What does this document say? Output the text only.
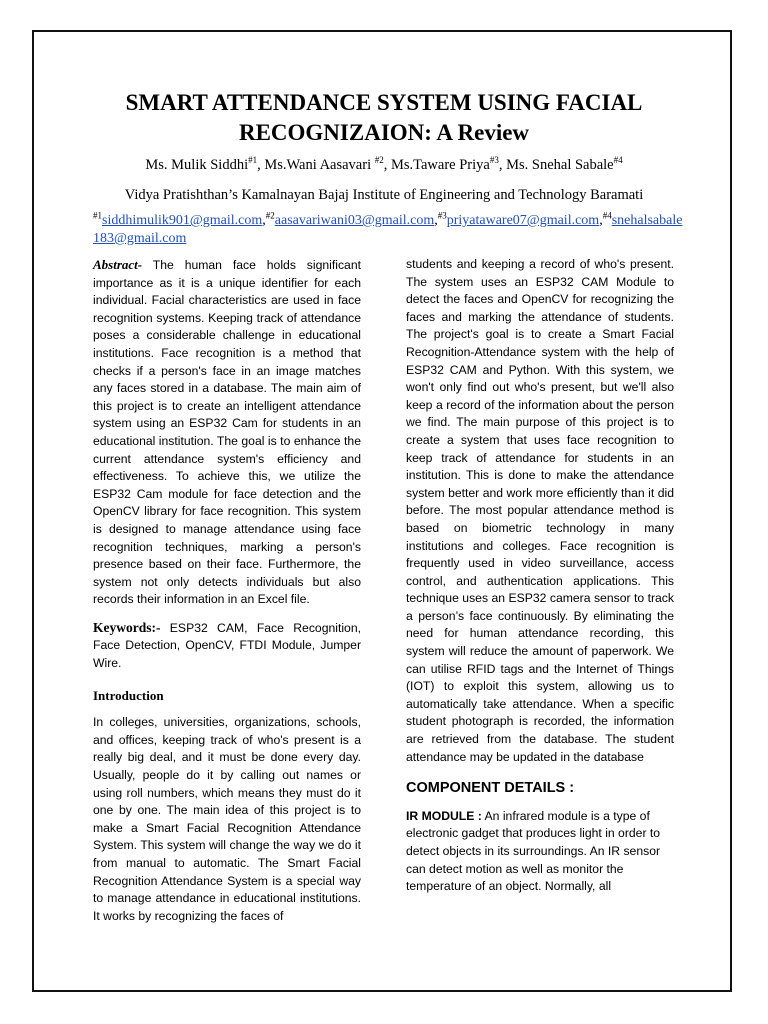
SMART ATTENDANCE SYSTEM USING FACIAL
RECOGNIZAION: A Review
Ms. Mulik Siddhi$^{\#1}$, Ms.Wani Aasavari $^{\#2}$, Ms.Taware Priya$^{\#3}$, Ms. Snehal Sabale$^{\#4}$
Vidya Pratishthan’s Kamalnayan Bajaj Institute of Engineering and Technology Baramati
$^{\#1}$siddhimulik901@gmail.com,$^{\#2}$aasavariwani03@gmail.com,$^{\#3}$priyataware07@gmail.com,$^{\#4}$snehalsabale183@gmail.com

Abstract- The human face holds significant importance as it is a unique identifier for each individual. Facial characteristics are used in face recognition systems. Keeping track of attendance poses a considerable challenge in educational institutions. Face recognition is a method that checks if a person's face in an image matches any faces stored in a database. The main aim of this project is to create an intelligent attendance system using an ESP32 Cam for students in an educational institution. The goal is to enhance the current attendance system's efficiency and effectiveness. To achieve this, we utilize the ESP32 Cam module for face detection and the OpenCV library for face recognition. This system is designed to manage attendance using face recognition techniques, marking a person's presence based on their face. Furthermore, the system not only detects individuals but also records their information in an Excel file.

Keywords:- ESP32 CAM, Face Recognition, Face Detection, OpenCV, FTDI Module, Jumper Wire.

Introduction

In colleges, universities, organizations, schools, and offices, keeping track of who's present is a really big deal, and it must be done every day. Usually, people do it by calling out names or using roll numbers, which means they must do it one by one. The main idea of this project is to make a Smart Facial Recognition Attendance System. This system will change the way we do it from manual to automatic. The Smart Facial Recognition Attendance System is a special way to manage attendance in educational institutions. It works by recognizing the faces of

students and keeping a record of who's present. The system uses an ESP32 CAM Module to detect the faces and OpenCV for recognizing the faces and marking the attendance of students. The project's goal is to create a Smart Facial Recognition-Attendance system with the help of ESP32 CAM and Python. With this system, we won't only find out who's present, but we'll also keep a record of the information about the person we find. The main purpose of this project is to create a system that uses face recognition to keep track of attendance for students in an institution. This is done to make the attendance system better and work more efficiently than it did before. The most popular attendance method is based on biometric technology in many institutions and colleges. Face recognition is frequently used in video surveillance, access control, and authentication applications. This technique uses an ESP32 camera sensor to track a person’s face continuously. By eliminating the need for human attendance recording, this system will reduce the amount of paperwork. We can utilise RFID tags and the Internet of Things (IOT) to exploit this system, allowing us to automatically take attendance. When a specific student photograph is recorded, the information are retrieved from the database. The student attendance may be updated in the database

COMPONENT DETAILS :

IR MODULE : An infrared module is a type of electronic gadget that produces light in order to detect objects in its surroundings. An IR sensor can detect motion as well as monitor the temperature of an object. Normally, all
